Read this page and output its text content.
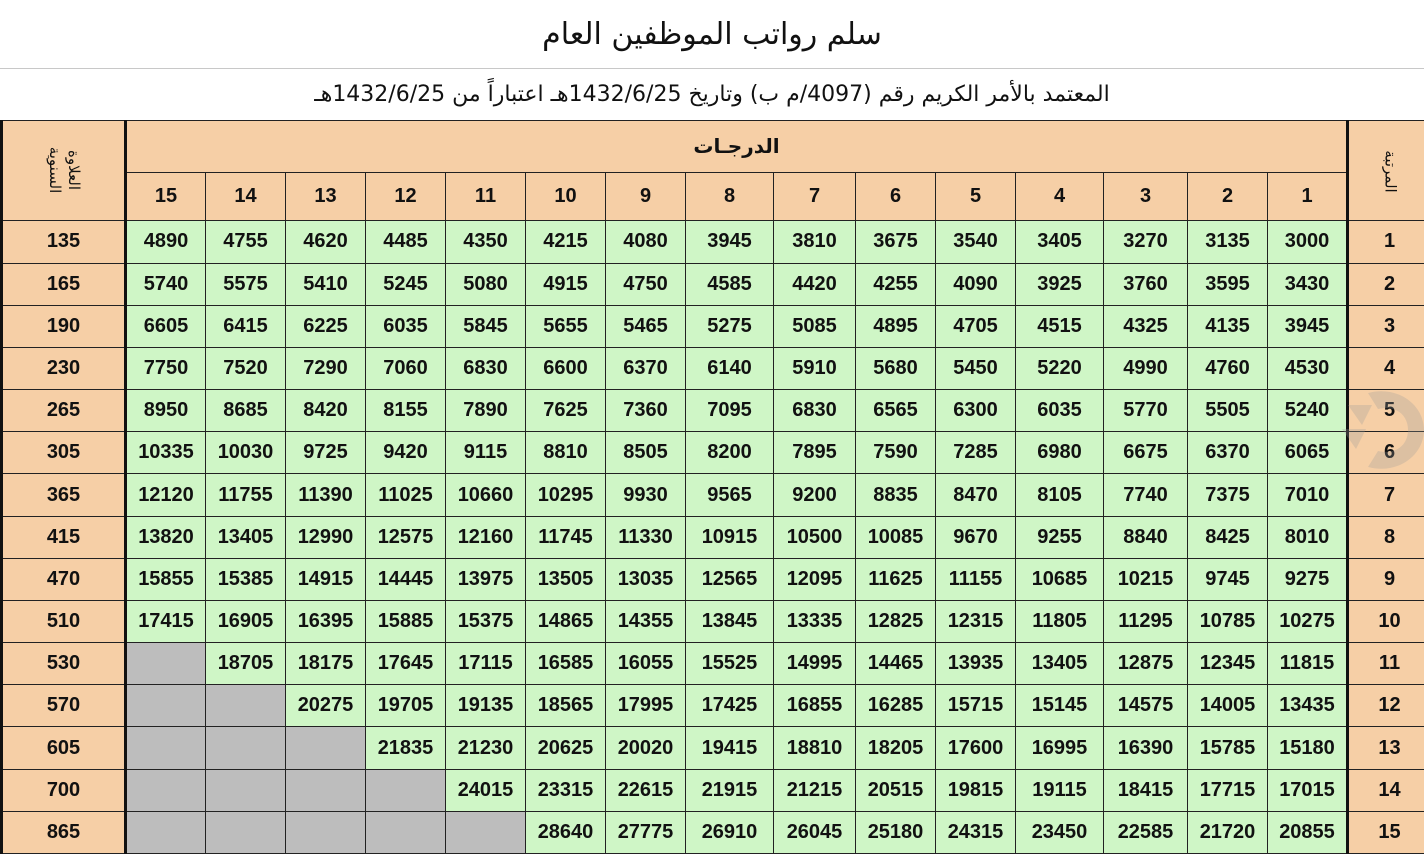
سلم رواتب الموظفين العام
المعتمد بالأمر الكريم رقم (4097/م ب) وتاريخ 1432/6/25هـ اعتباراً من 1432/6/25هـ
العلاوة السنوية	الدرجـات															المرتبة
	15	14	13	12	11	10	9	8	7	6	5	4	3	2	1	
135	4890	4755	4620	4485	4350	4215	4080	3945	3810	3675	3540	3405	3270	3135	3000	1
165	5740	5575	5410	5245	5080	4915	4750	4585	4420	4255	4090	3925	3760	3595	3430	2
190	6605	6415	6225	6035	5845	5655	5465	5275	5085	4895	4705	4515	4325	4135	3945	3
230	7750	7520	7290	7060	6830	6600	6370	6140	5910	5680	5450	5220	4990	4760	4530	4
265	8950	8685	8420	8155	7890	7625	7360	7095	6830	6565	6300	6035	5770	5505	5240	5
305	10335	10030	9725	9420	9115	8810	8505	8200	7895	7590	7285	6980	6675	6370	6065	6
365	12120	11755	11390	11025	10660	10295	9930	9565	9200	8835	8470	8105	7740	7375	7010	7
415	13820	13405	12990	12575	12160	11745	11330	10915	10500	10085	9670	9255	8840	8425	8010	8
470	15855	15385	14915	14445	13975	13505	13035	12565	12095	11625	11155	10685	10215	9745	9275	9
510	17415	16905	16395	15885	15375	14865	14355	13845	13335	12825	12315	11805	11295	10785	10275	10
530		18705	18175	17645	17115	16585	16055	15525	14995	14465	13935	13405	12875	12345	11815	11
570			20275	19705	19135	18565	17995	17425	16855	16285	15715	15145	14575	14005	13435	12
605				21835	21230	20625	20020	19415	18810	18205	17600	16995	16390	15785	15180	13
700					24015	23315	22615	21915	21215	20515	19815	19115	18415	17715	17015	14
865						28640	27775	26910	26045	25180	24315	23450	22585	21720	20855	15
